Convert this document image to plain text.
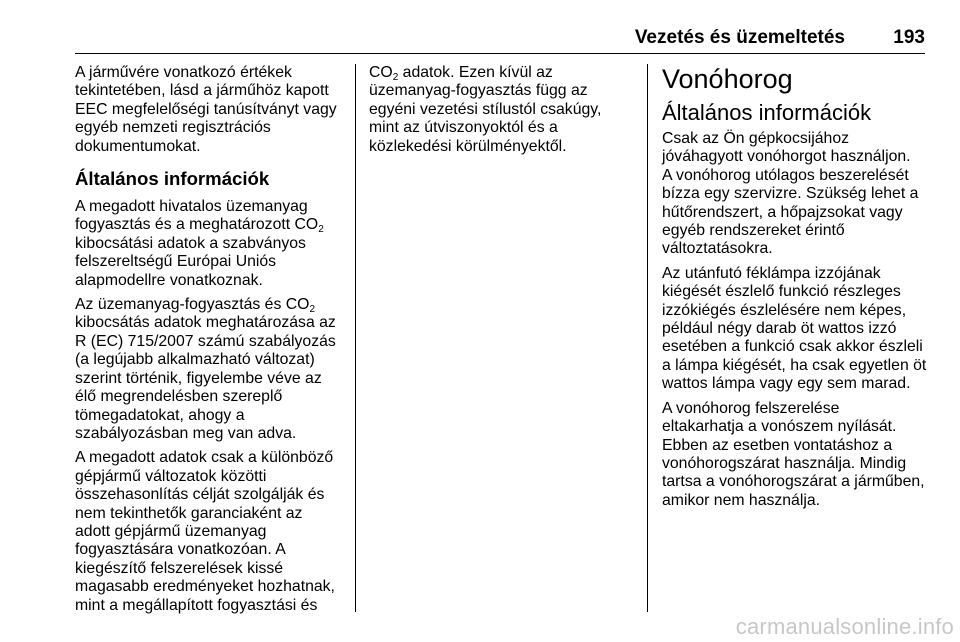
Vezetés és üzemeltetés	193

A járművére vonatkozó értékek
tekintetében, lásd a járműhöz kapott
EEC megfelelőségi tanúsítványt vagy
egyéb nemzeti regisztrációs
dokumentumokat.

Általános információk

A megadott hivatalos üzemanyag
fogyasztás és a meghatározott $CO_2$
kibocsátási adatok a szabványos
felszereltségű Európai Uniós
alapmodellre vonatkoznak.

Az üzemanyag-fogyasztás és $CO_2$
kibocsátás adatok meghatározása az
R (EC) 715/2007 számú szabályozás
(a legújabb alkalmazható változat)
szerint történik, figyelembe véve az
élő megrendelésben szereplő
tömegadatokat, ahogy a
szabályozásban meg van adva.

A megadott adatok csak a különböző
gépjármű változatok közötti
összehasonlítás célját szolgálják és
nem tekinthetők garanciaként az
adott gépjármű üzemanyag
fogyasztására vonatkozóan. A
kiegészítő felszerelések kissé
magasabb eredményeket hozhatnak,
mint a megállapított fogyasztási és

$CO_2$ adatok. Ezen kívül az
üzemanyag-fogyasztás függ az
egyéni vezetési stílustól csakúgy,
mint az útviszonyoktól és a
közlekedési körülményektől.

Vonóhorog
Általános információk

Csak az Ön gépkocsijához
jóváhagyott vonóhorgot használjon.
A vonóhorog utólagos beszerelését
bízza egy szervizre. Szükség lehet a
hűtőrendszert, a hőpajzsokat vagy
egyéb rendszereket érintő
változtatásokra.

Az utánfutó féklámpa izzójának
kiégését észlelő funkció részleges
izzókiégés észlelésére nem képes,
például négy darab öt wattos izzó
esetében a funkció csak akkor észleli
a lámpa kiégését, ha csak egyetlen öt
wattos lámpa vagy egy sem marad.

A vonóhorog felszerelése
eltakarhatja a vonószem nyílását.
Ebben az esetben vontatáshoz a
vonóhorogszárat használja. Mindig
tartsa a vonóhorogszárat a járműben,
amikor nem használja.

carmanualsonline.info
